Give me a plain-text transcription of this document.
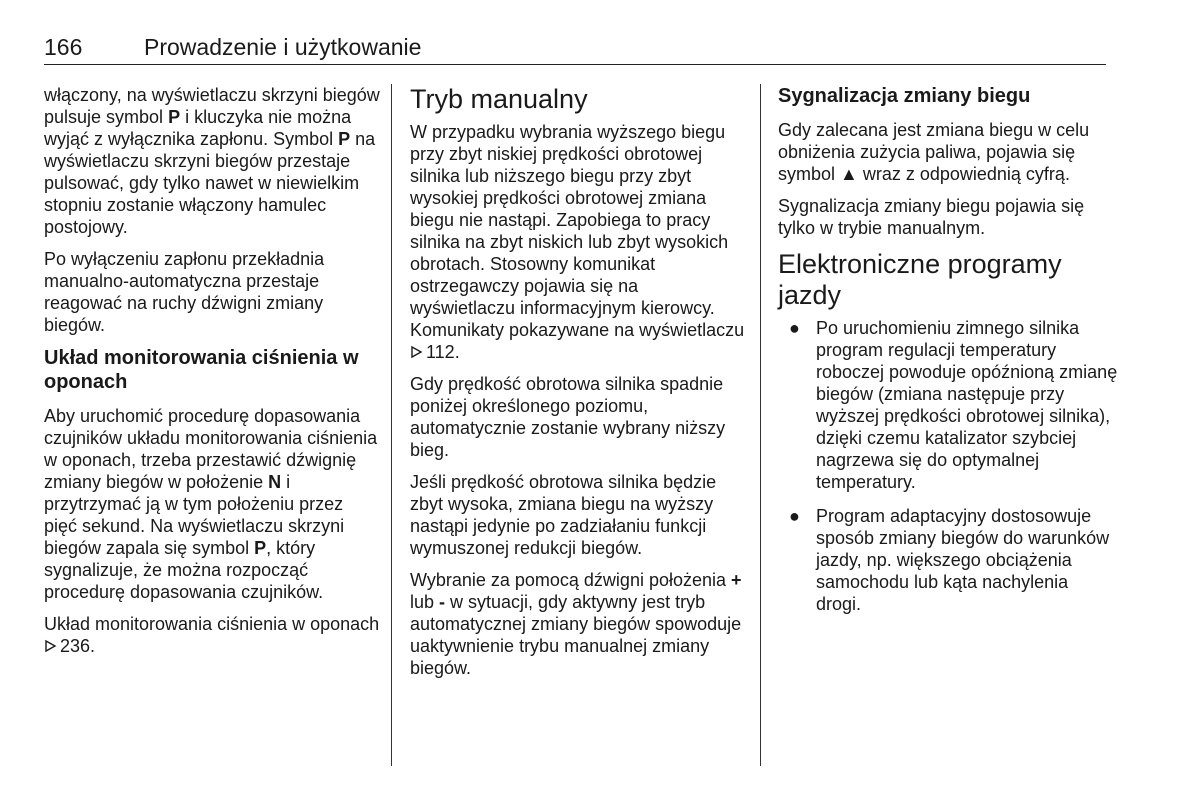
166	Prowadzenie i użytkowanie

włączony, na wyświetlaczu skrzyni biegów pulsuje symbol P i kluczyka nie można wyjąć z wyłącznika zapłonu. Symbol P na wyświetlaczu skrzyni biegów przestaje pulsować, gdy tylko nawet w niewielkim stopniu zostanie włączony hamulec postojowy.

Po wyłączeniu zapłonu przekładnia manualno-automatyczna przestaje reagować na ruchy dźwigni zmiany biegów.

Układ monitorowania ciśnienia w oponach

Aby uruchomić procedurę dopasowania czujników układu monitorowania ciśnienia w oponach, trzeba przestawić dźwignię zmiany biegów w położenie N i przytrzymać ją w tym położeniu przez
pięć sekund. Na wyświetlaczu skrzyni biegów zapala się symbol P, który sygnalizuje, że można rozpocząć procedurę dopasowania czujników.

Układ monitorowania ciśnienia w oponach 236.

Tryb manualny

W przypadku wybrania wyższego biegu przy zbyt niskiej prędkości obrotowej silnika lub niższego biegu przy zbyt wysokiej prędkości obrotowej zmiana biegu nie nastąpi. Zapobiega to pracy silnika na zbyt niskich lub zbyt wysokich obrotach. Stosowny komunikat ostrzegawczy pojawia się na wyświetlaczu informacyjnym kierowcy. Komunikaty pokazywane na wyświetlaczu 112.

Gdy prędkość obrotowa silnika spadnie poniżej określonego poziomu, automatycznie zostanie wybrany niższy bieg.

Jeśli prędkość obrotowa silnika będzie zbyt wysoka, zmiana biegu na wyższy nastąpi jedynie po zadziałaniu funkcji wymuszonej redukcji biegów.

Wybranie za pomocą dźwigni położenia + lub - w sytuacji, gdy aktywny jest tryb automatycznej zmiany biegów spowoduje uaktywnienie trybu manualnej zmiany biegów.

Sygnalizacja zmiany biegu

Gdy zalecana jest zmiana biegu w celu obniżenia zużycia paliwa, pojawia się symbol ▲ wraz z odpowiednią cyfrą.

Sygnalizacja zmiany biegu pojawia się tylko w trybie manualnym.

Elektroniczne programy jazdy
● Po uruchomieniu zimnego silnika program regulacji temperatury roboczej powoduje opóźnioną zmianę biegów (zmiana następuje przy wyższej prędkości obrotowej silnika), dzięki czemu katalizator szybciej nagrzewa się do optymalnej temperatury.
● Program adaptacyjny dostosowuje sposób zmiany biegów do warunków jazdy, np. większego obciążenia samochodu lub kąta nachylenia drogi.
